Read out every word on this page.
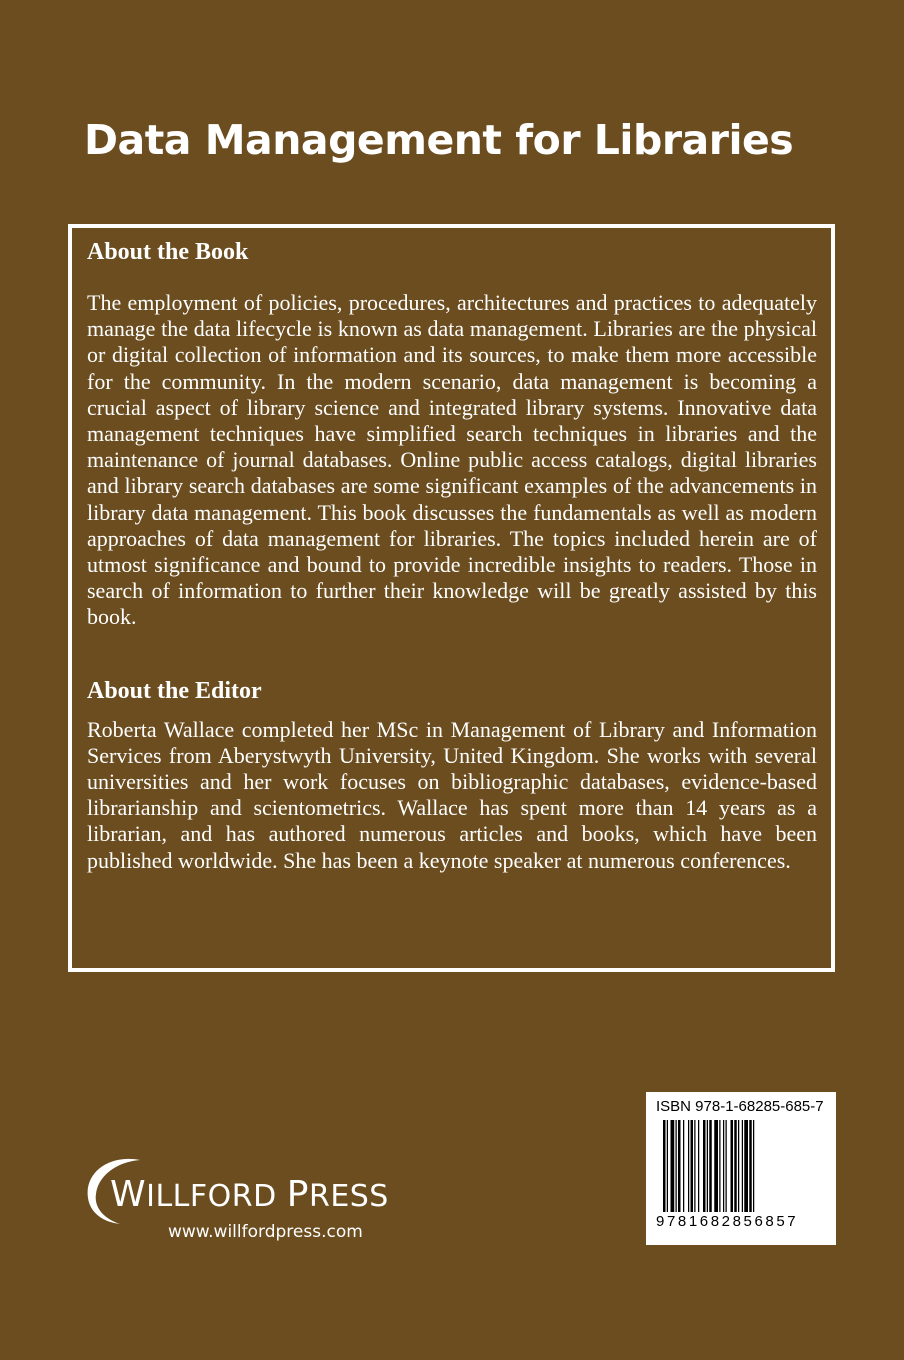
Data Management for Libraries
About the Book

The employment of policies, procedures, architectures and practices to adequately manage the data lifecycle is known as data management. Libraries are the physical or digital collection of information and its sources, to make them more accessible for the community. In the modern scenario, data management is becoming a crucial aspect of library science and integrated library systems. Innovative data management techniques have simplified search techniques in libraries and the maintenance of journal databases. Online public access catalogs, digital libraries and library search databases are some significant examples of the advancements in library data management. This book discusses the fundamentals as well as modern approaches of data management for libraries. The topics included herein are of utmost significance and bound to provide incredible insights to readers. Those in search of information to further their knowledge will be greatly assisted by this book.

About the Editor

Roberta Wallace completed her MSc in Management of Library and Information Services from Aberystwyth University, United Kingdom. She works with several universities and her work focuses on bibliographic databases, evidence-based librarianship and scientometrics. Wallace has spent more than 14 years as a librarian, and has authored numerous articles and books, which have been published worldwide. She has been a keynote speaker at numerous conferences.

WILLFORD PRESS
www.willfordpress.com
ISBN 978-1-68285-685-7
9781682856857
